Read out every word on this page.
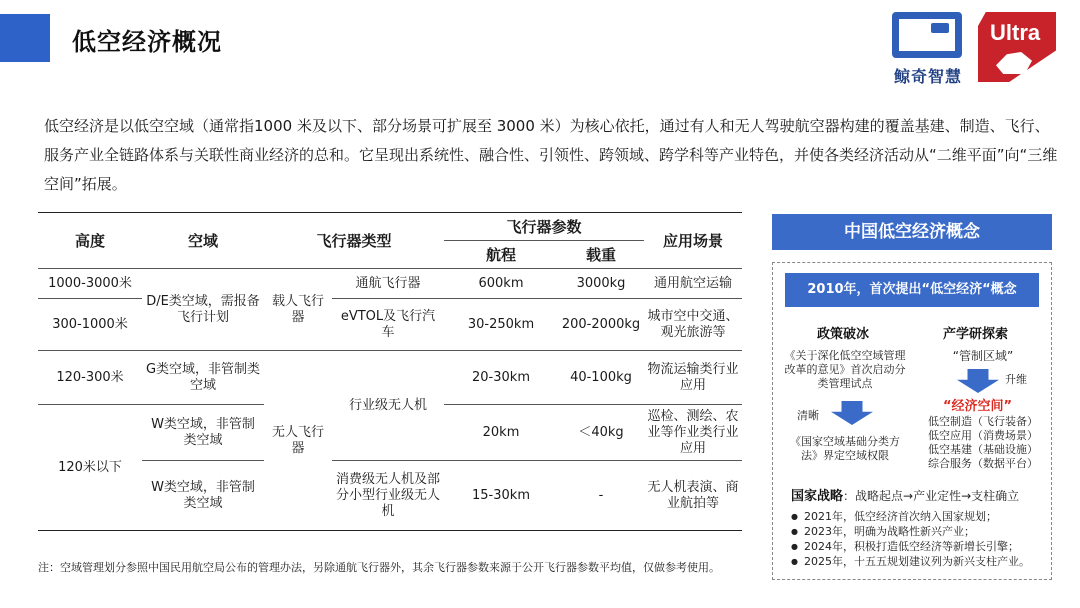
低空经济概况
鲸奇智慧
Ultra

低空经济是以低空空域（通常指1000 米及以下、部分场景可扩展至 3000 米）为核心依托，通过有人和无人驾驶航空器构建的覆盖基建、制造、飞行、服务产业全链路体系与关联性商业经济的总和。它呈现出系统性、融合性、引领性、跨领域、跨学科等产业特色，并使各类经济活动从“二维平面”向“三维空间”拓展。

高度	空域	飞行器类型		飞行器参数		应用场景
				航程	载重	
1000-3000米	D/E类空域，需报备飞行计划	载人飞行器	通航飞行器	600km	3000kg	通用航空运输
300-1000米			eVTOL及飞行汽车	30-250km	200-2000kg	城市空中交通、观光旅游等
120-300米	G类空域，非管制类空域	无人飞行器	行业级无人机	20-30km	40-100kg	物流运输类行业应用
120米以下	W类空域，非管制类空域			20km	＜40kg	巡检、测绘、农业等作业类行业应用
	W类空域，非管制类空域		消费级无人机及部分小型行业级无人机	15-30km	-	无人机表演、商业航拍等
注：空域管理划分参照中国民用航空局公布的管理办法，另除通航飞行器外，其余飞行器参数来源于公开飞行器参数平均值，仅做参考使用。
中国低空经济概念
2010年，首次提出“低空经济“概念
政策破冰
《关于深化低空空域管理改革的意见》首次启动分类管理试点
清晰
《国家空域基础分类方法》界定空域权限
产学研探索
“管制区域”
升维
“经济空间”
低空制造（飞行装备）
低空应用（消费场景）
低空基建（基础设施）
综合服务（数据平台）
国家战略：战略起点→产业定性→支柱确立
● 2021年，低空经济首次纳入国家规划；
● 2023年，明确为战略性新兴产业；
● 2024年，积极打造低空经济等新增长引擎；
● 2025年，十五五规划建议列为新兴支柱产业。
